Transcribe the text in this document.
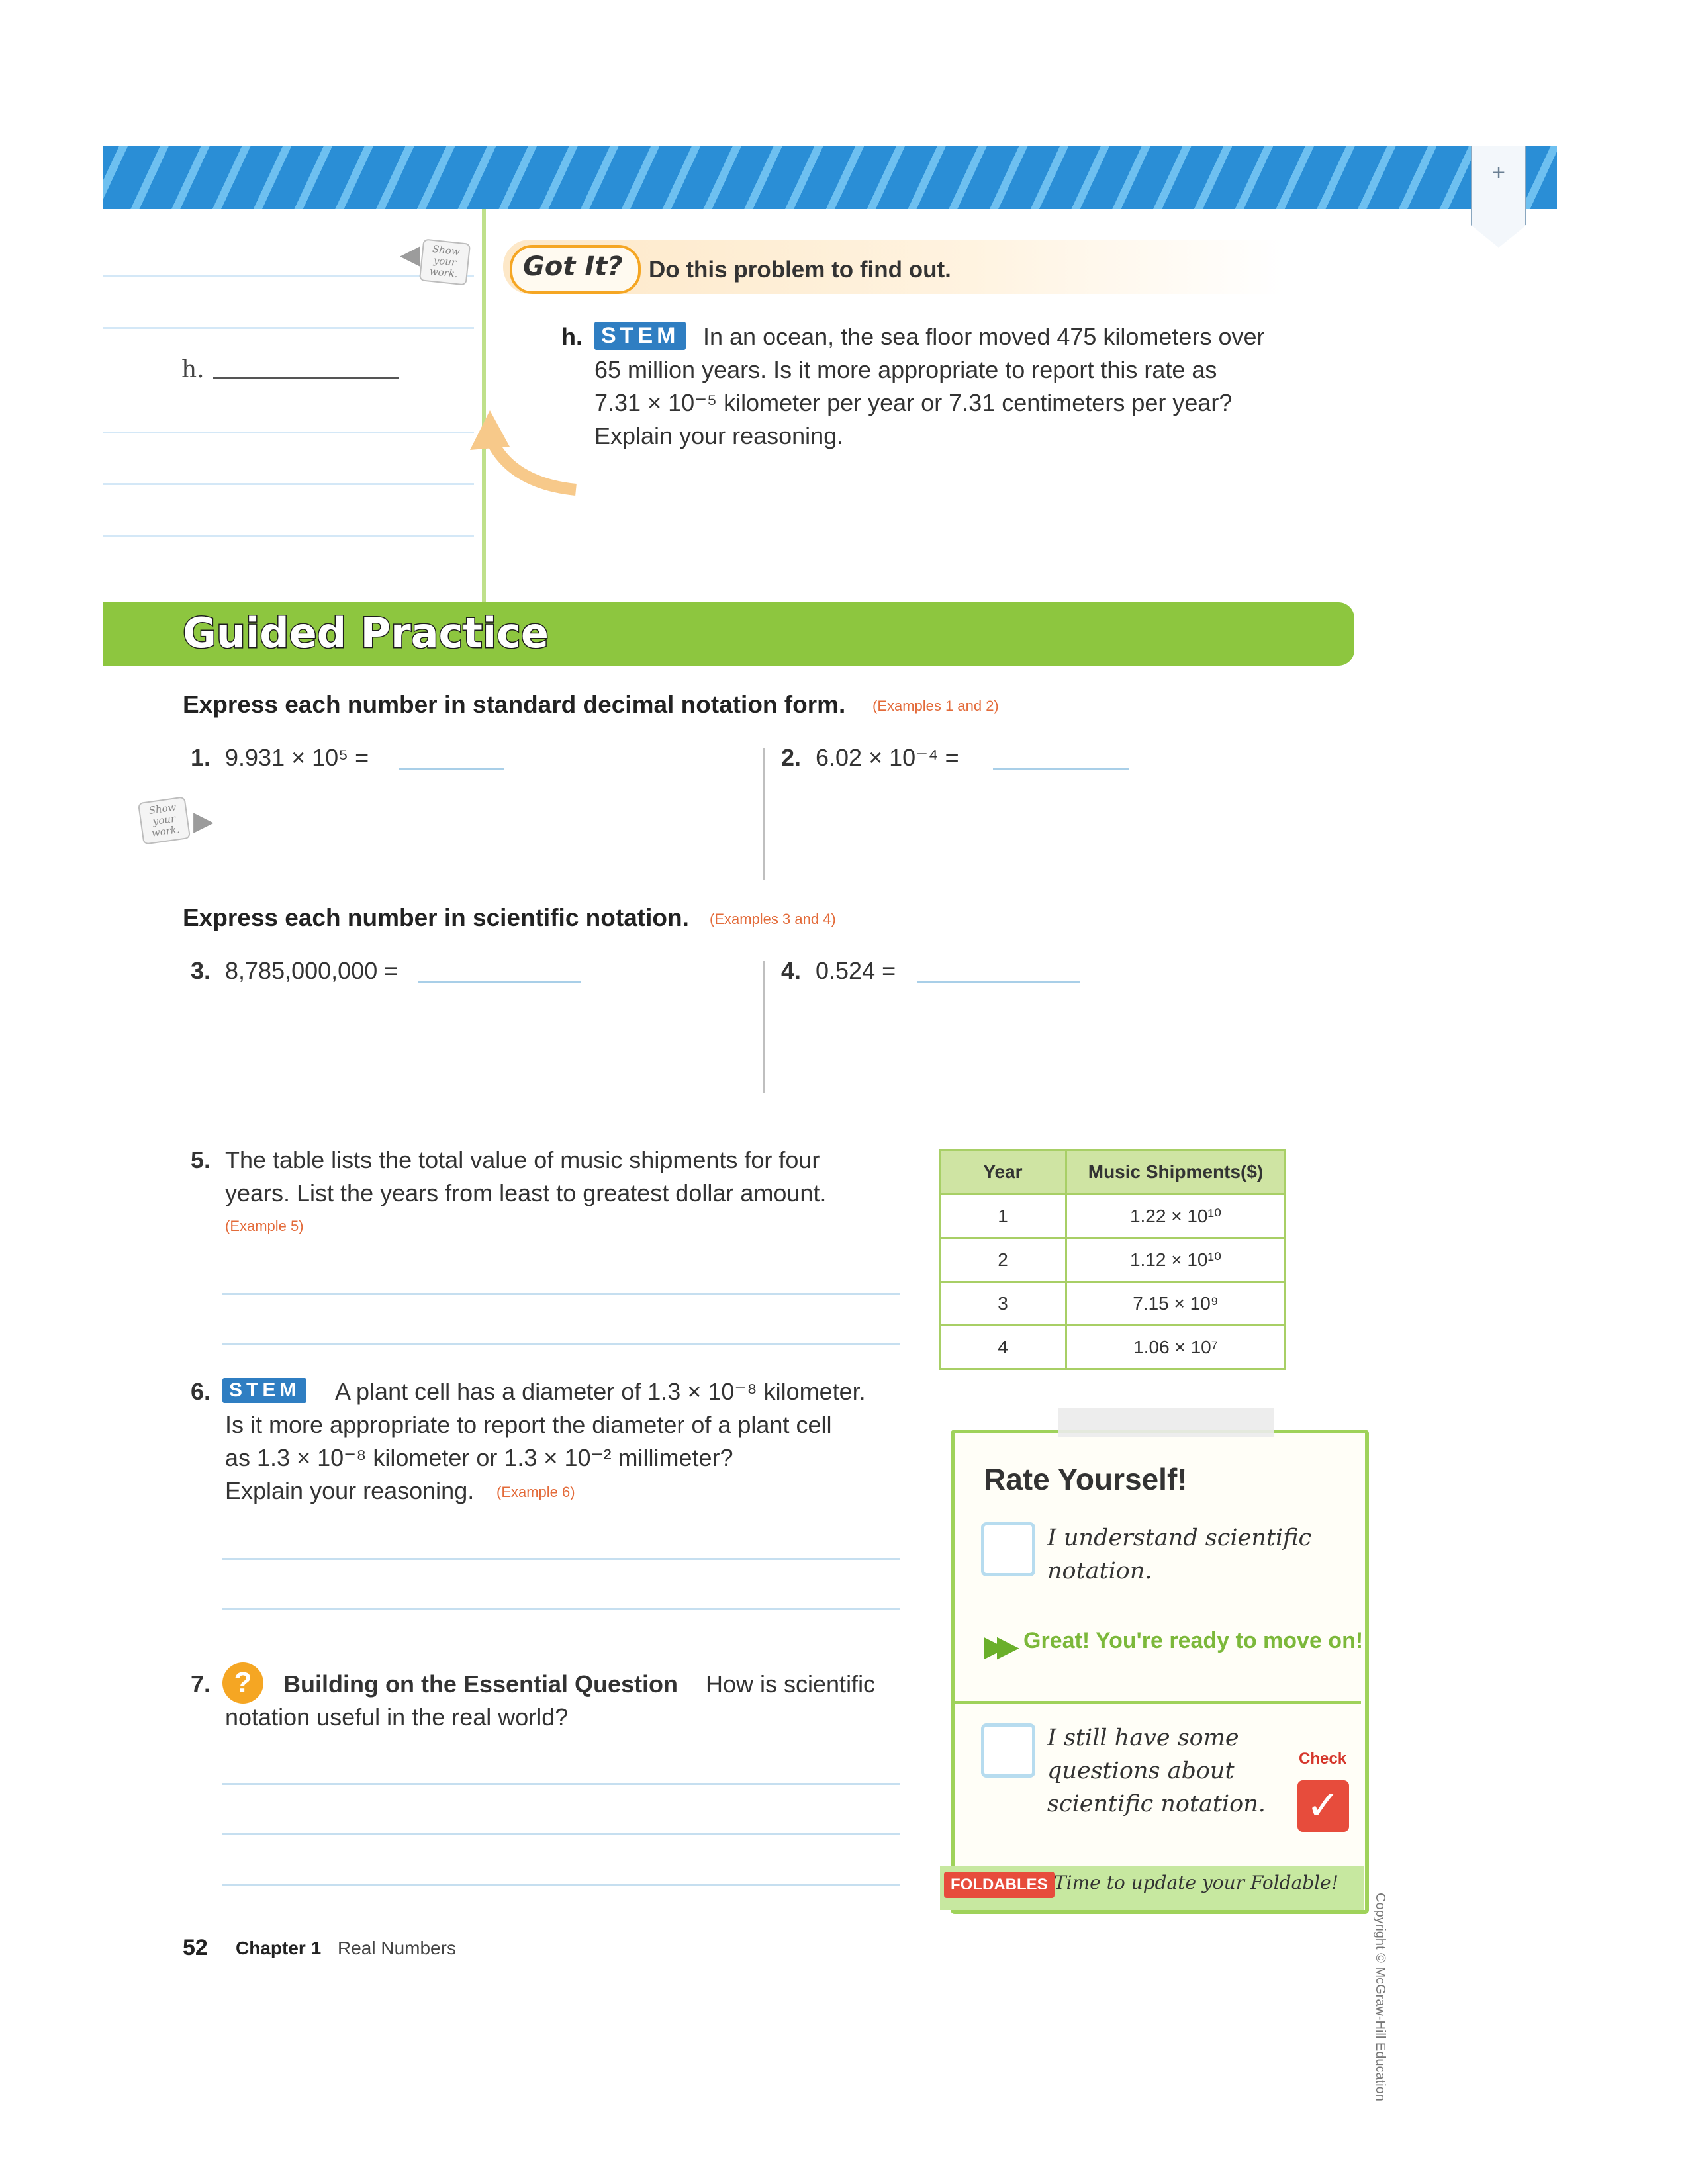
+
h.
Show your work.
◀	Got It? Do this problem to find out.
h. STEM In an ocean, the sea floor moved 475 kilometers over
65 million years. Is it more appropriate to report this rate as
7.31 × 10⁻⁵ kilometer per year or 7.31 centimeters per year?
Explain your reasoning.
Guided Practice
Express each number in standard decimal notation form. (Examples 1 and 2)
1. 9.931 × 10⁵ =	2. 6.02 × 10⁻⁴ =
Show your work. ▶
Express each number in scientific notation. (Examples 3 and 4)
3. 8,785,000,000 =	4. 0.524 =
5. The table lists the total value of music shipments for four
years. List the years from least to greatest dollar amount.
(Example 5)
Year	Music Shipments($)
1	1.22 × 10¹⁰
2	1.12 × 10¹⁰
3	7.15 × 10⁹
4	1.06 × 10⁷
6. STEM A plant cell has a diameter of 1.3 × 10⁻⁸ kilometer.
Is it more appropriate to report the diameter of a plant cell
as 1.3 × 10⁻⁸ kilometer or 1.3 × 10⁻² millimeter?
Explain your reasoning. (Example 6)
7. ?	Building on the Essential Question How is scientific
notation useful in the real world?
Rate Yourself!
I understand scientific
notation.
▶▶ Great! You're ready to move on!
I still have some
questions about
scientific notation.
Check
✓
FOLDABLES Time to update your Foldable!
52 Chapter 1 Real Numbers	Copyright © McGraw-Hill Education
